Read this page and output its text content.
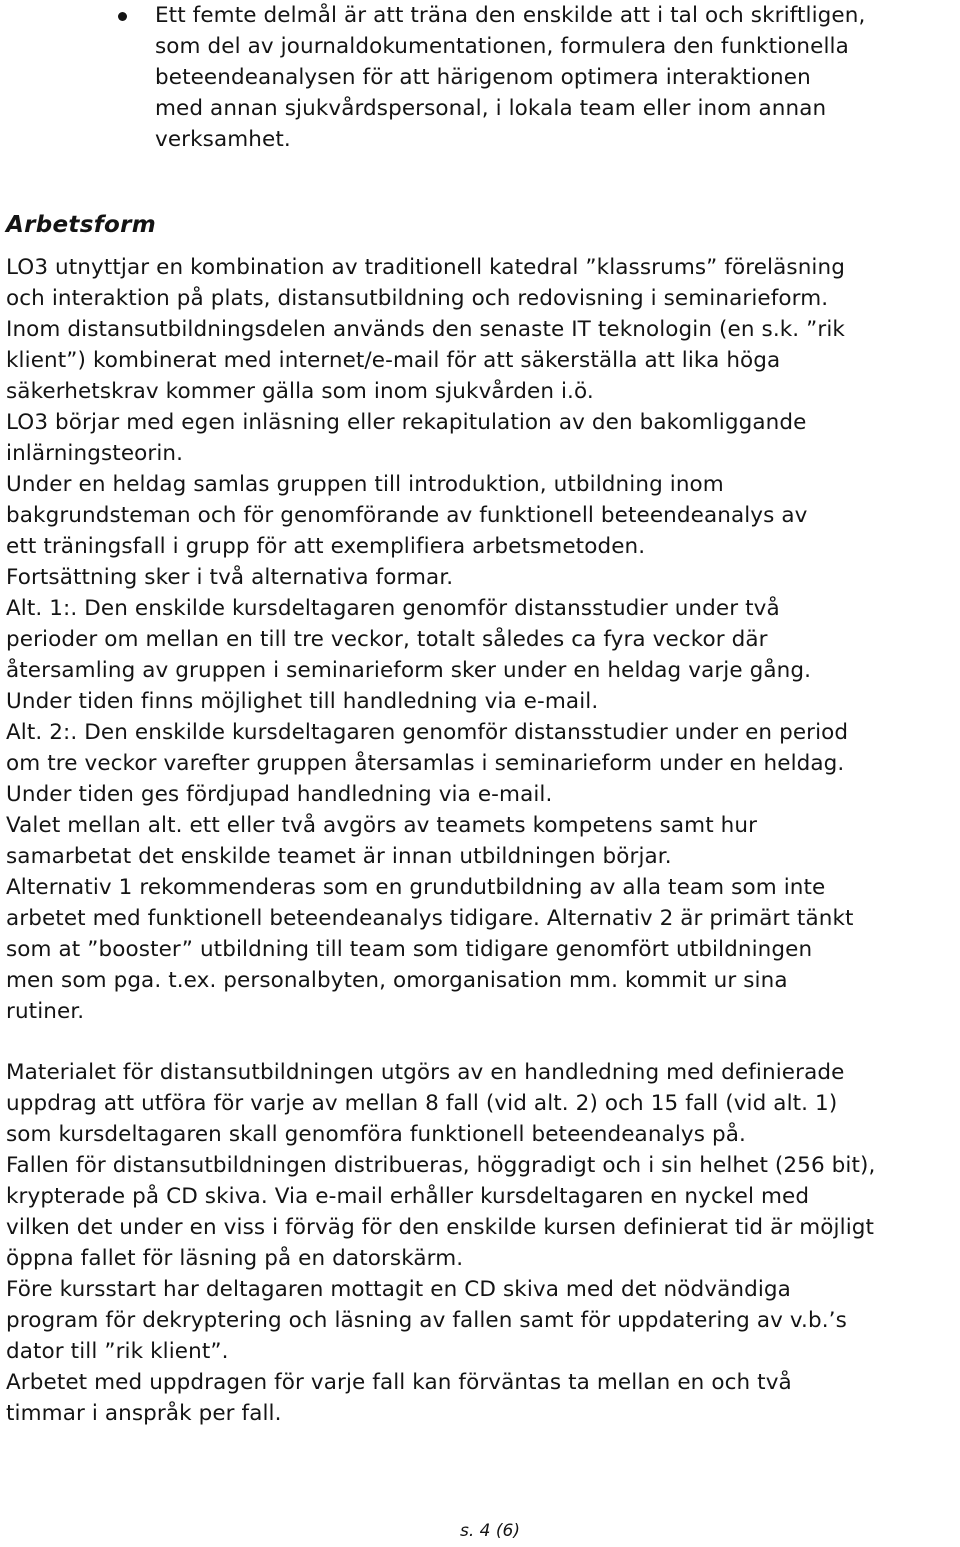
Ett femte delmål är att träna den enskilde att i tal och skriftligen,
som del av journaldokumentationen, formulera den funktionella
beteendeanalysen för att härigenom optimera interaktionen
med annan sjukvårdspersonal, i lokala team eller inom annan
verksamhet.

Arbetsform

LO3 utnyttjar en kombination av traditionell katedral ”klassrums” föreläsning
och interaktion på plats, distansutbildning och redovisning i seminarieform.
Inom distansutbildningsdelen används den senaste IT teknologin (en s.k. ”rik
klient”) kombinerat med internet/e-mail för att säkerställa att lika höga
säkerhetskrav kommer gälla som inom sjukvården i.ö.
LO3 börjar med egen inläsning eller rekapitulation av den bakomliggande
inlärningsteorin.
Under en heldag samlas gruppen till introduktion, utbildning inom
bakgrundsteman och för genomförande av funktionell beteendeanalys av
ett träningsfall i grupp för att exemplifiera arbetsmetoden.
Fortsättning sker i två alternativa formar.
Alt. 1:. Den enskilde kursdeltagaren genomför distansstudier under två
perioder om mellan en till tre veckor, totalt således ca fyra veckor där
återsamling av gruppen i seminarieform sker under en heldag varje gång.
Under tiden finns möjlighet till handledning via e-mail.
Alt. 2:. Den enskilde kursdeltagaren genomför distansstudier under en period
om tre veckor varefter gruppen återsamlas i seminarieform under en heldag.
Under tiden ges fördjupad handledning via e-mail.
Valet mellan alt. ett eller två avgörs av teamets kompetens samt hur
samarbetat det enskilde teamet är innan utbildningen börjar.
Alternativ 1 rekommenderas som en grundutbildning av alla team som inte
arbetet med funktionell beteendeanalys tidigare. Alternativ 2 är primärt tänkt
som at ”booster” utbildning till team som tidigare genomfört utbildningen
men som pga. t.ex. personalbyten, omorganisation mm. kommit ur sina
rutiner.

Materialet för distansutbildningen utgörs av en handledning med definierade
uppdrag att utföra för varje av mellan 8 fall (vid alt. 2) och 15 fall (vid alt. 1)
som kursdeltagaren skall genomföra funktionell beteendeanalys på.
Fallen för distansutbildningen distribueras, höggradigt och i sin helhet (256 bit),
krypterade på CD skiva. Via e-mail erhåller kursdeltagaren en nyckel med
vilken det under en viss i förväg för den enskilde kursen definierat tid är möjligt
öppna fallet för läsning på en datorskärm.
Före kursstart har deltagaren mottagit en CD skiva med det nödvändiga
program för dekryptering och läsning av fallen samt för uppdatering av v.b.’s
dator till ”rik klient”.
Arbetet med uppdragen för varje fall kan förväntas ta mellan en och två
timmar i anspråk per fall.

s. 4 (6)
